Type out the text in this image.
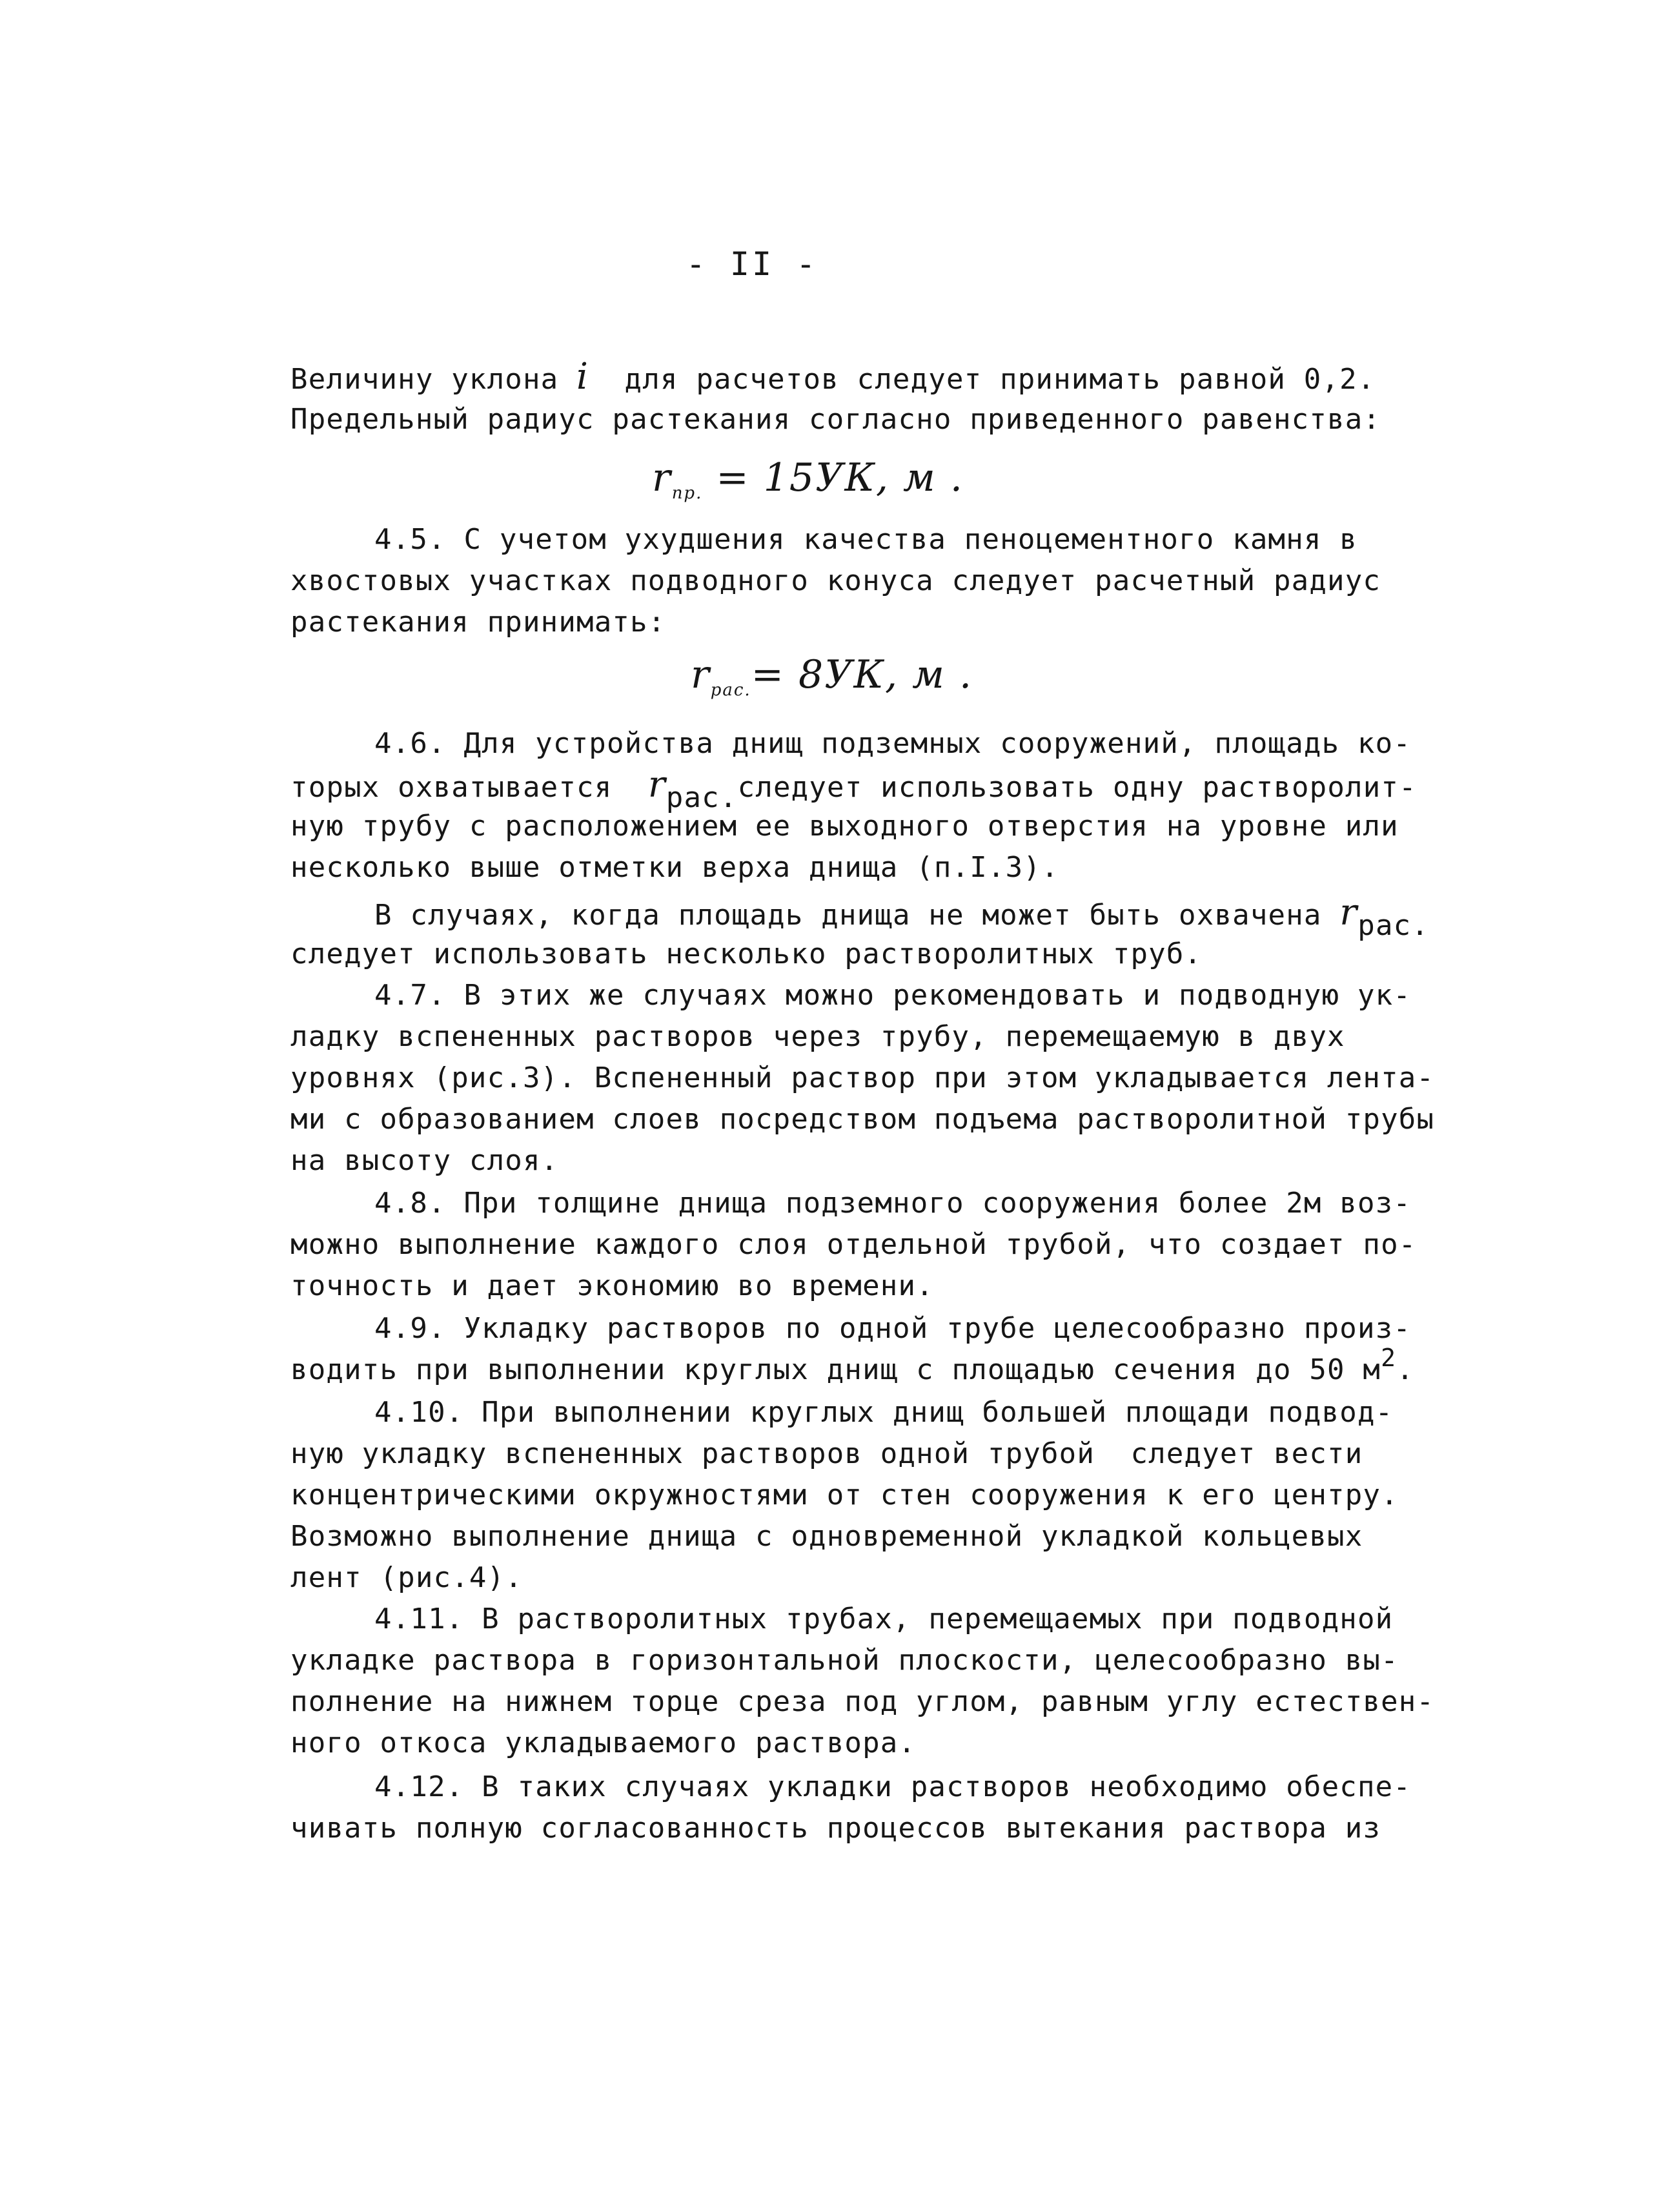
- II -
Величину уклона i  для расчетов следует принимать равной 0,2.
Предельный радиус растекания согласно приведенного равенства:
$r_{пр.} = 15УК$, м .
4.5. С учетом ухудшения качества пеноцементного камня в
хвостовых участках подводного конуса следует расчетный радиус
растекания принимать:
$r_{рас.}= 8УК$, м .
4.6. Для устройства днищ подземных сооружений, площадь ко-
торых охватывается  rрас.следует использовать одну растворолит-
ную трубу с расположением ее выходного отверстия на уровне или
несколько выше отметки верха днища (п.I.3).
В случаях, когда площадь днища не может быть охвачена rрас.
следует использовать несколько растворолитных труб.
4.7. В этих же случаях можно рекомендовать и подводную ук-
ладку вспененных растворов через трубу, перемещаемую в двух
уровнях (рис.3). Вспененный раствор при этом укладывается лента-
ми с образованием слоев посредством подъема растворолитной трубы
на высоту слоя.
4.8. При толщине днища подземного сооружения более 2м воз-
можно выполнение каждого слоя отдельной трубой, что создает по-
точность и дает экономию во времени.
4.9. Укладку растворов по одной трубе целесообразно произ-
водить при выполнении круглых днищ с площадью сечения до 50 $м^2$.
4.10. При выполнении круглых днищ большей площади подвод-
ную укладку вспененных растворов одной трубой  следует вести
концентрическими окружностями от стен сооружения к его центру.
Возможно выполнение днища с одновременной укладкой кольцевых
лент (рис.4).
4.11. В растворолитных трубах, перемещаемых при подводной
укладке раствора в горизонтальной плоскости, целесообразно вы-
полнение на нижнем торце среза под углом, равным углу естествен-
ного откоса укладываемого раствора.
4.12. В таких случаях укладки растворов необходимо обеспе-
чивать полную согласованность процессов вытекания раствора из
